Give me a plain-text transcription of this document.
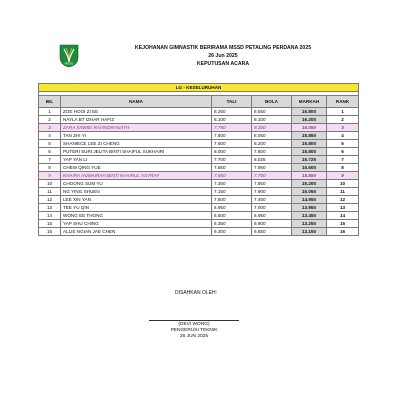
MSSD
KEJOHANAN GIMNASTIK BERIRAMA MSSD PETALING PERDANA 2025
26 Jun 2025
KEPUTUSAN ACARA
LG - KESELURUHAN					

BIL	NAMA	TALI	BOLA	MARKAH	RANK
1	ZOE HOOI ZI EE	8.250	8.550	16.800	1
2	NAYLA BT IZHAR HAFIZ	8.100	8.100	16.200	2
3	ZARA XINMEI RAVINDRANATH	7.750	8.300	16.050	3
4	TAN ZHI YI	7.800	8.050	15.850	4
5	SHANIECE LEE ZI CHENG	7.600	8.200	15.800	5
6	PUTERI SURI JELITA BINTI SHAIFUL SUKHAIRI	8.000	7.800	15.800	6
7	YAP YAN LI	7.700	8.025	15.725	7
8	CHEW QING YUE	7.650	7.950	15.600	8
9	KHAIRA HUMAIRAH BINTI KHAIRUL ASYRAF	7.850	7.700	15.550	9
10	CHOONG SUM YU	7.350	7.850	15.200	10
11	NG YING SHUEN	7.150	7.900	15.050	11
12	LEE XIN YAN	7.500	7.450	14.950	12
13	TEE YU QIN	6.950	7.000	13.950	13
14	WONG EE THONG	6.500	6.950	13.450	14
15	YAP SHU CHING	6.350	6.900	13.250	15
16	ALLIE NGIAN JAE CHEN	6.300	6.850	13.150	16
DISAHKAN OLEH:
(DEVI WONG)
PENGERUSI TEKNIK
26 JUN 2025
